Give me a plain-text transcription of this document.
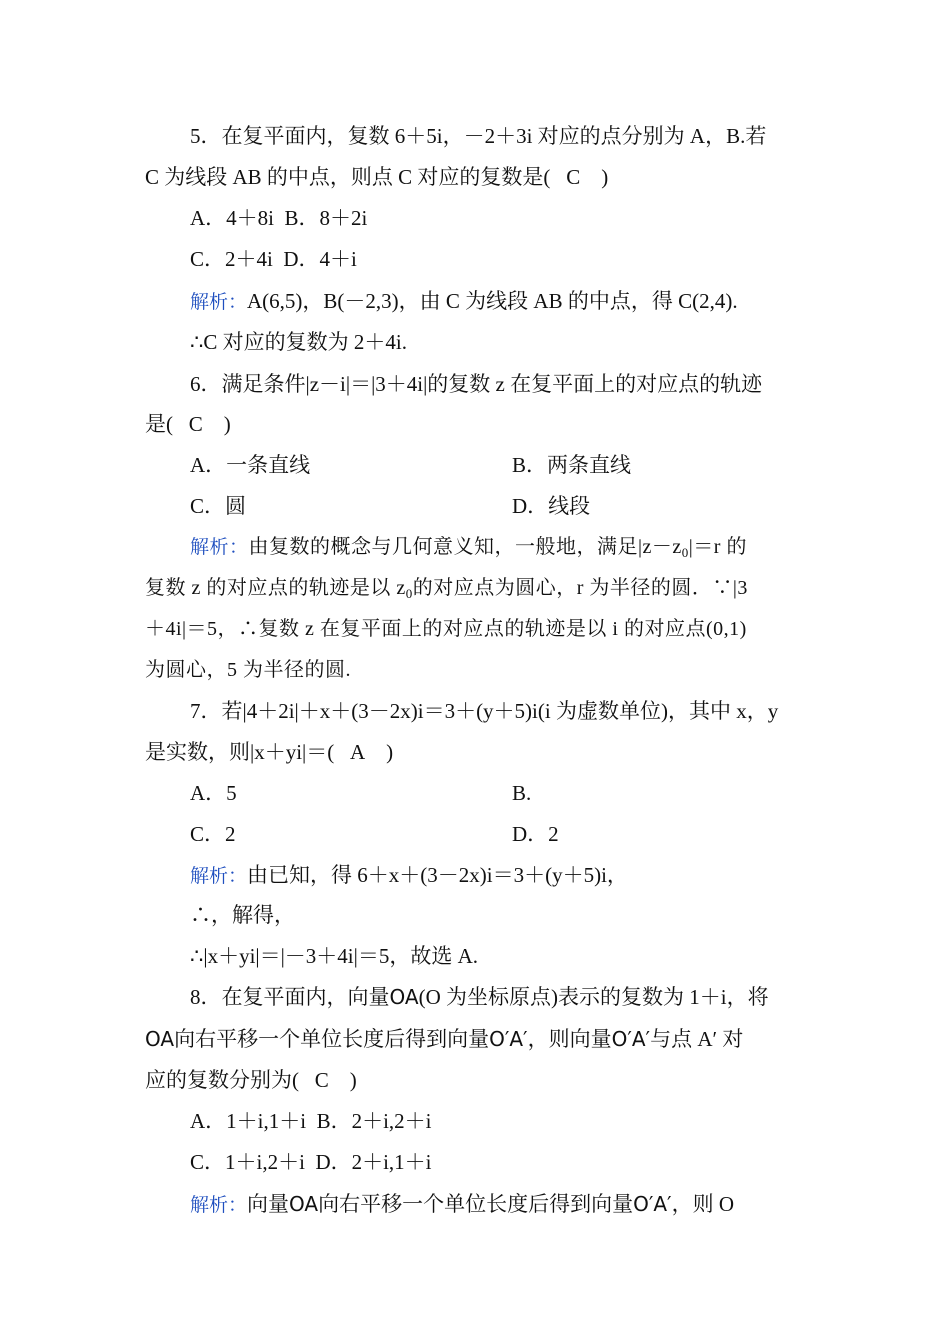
5．在复平面内，复数 6＋5i，－2＋3i 对应的点分别为 A，B.若
C 为线段 AB 的中点，则点 C 对应的复数是( C )
A．4＋8i B．8＋2i
C．2＋4i D．4＋i
解析：A(6,5)，B(－2,3)，由 C 为线段 AB 的中点，得 C(2,4).
∴C 对应的复数为 2＋4i.
6．满足条件|z－i|＝|3＋4i|的复数 z 在复平面上的对应点的轨迹
是( C )
A．一条直线	B．两条直线
C．圆	D．线段
解析：由复数的概念与几何意义知，一般地，满足$|z-z_0|=r$ 的
复数 z 的对应点的轨迹是以 $z_0$的对应点为圆心，r 为半径的圆．∵|3
＋4i|＝5，∴复数 z 在复平面上的对应点的轨迹是以 i 的对应点(0,1)
为圆心，5 为半径的圆.
7．若|4＋2i|＋x＋(3－2x)i＝3＋(y＋5)i(i 为虚数单位)，其中 x，y
是实数，则|x＋yi|＝( A )
A．5	B.
C．2	D．2
解析：由已知，得 6＋x＋(3－2x)i＝3＋(y＋5)i，
∴，解得，
∴|x＋yi|＝|－3＋4i|＝5，故选 A.
8．在复平面内，向量OA(O 为坐标原点)表示的复数为 1＋i，将
OA向右平移一个单位长度后得到向量O′A′，则向量O′A′与点 A′ 对
应的复数分别为( C )
A．1＋i,1＋i B．2＋i,2＋i
C．1＋i,2＋i D．2＋i,1＋i
解析：向量OA向右平移一个单位长度后得到向量O′A′，则 O
